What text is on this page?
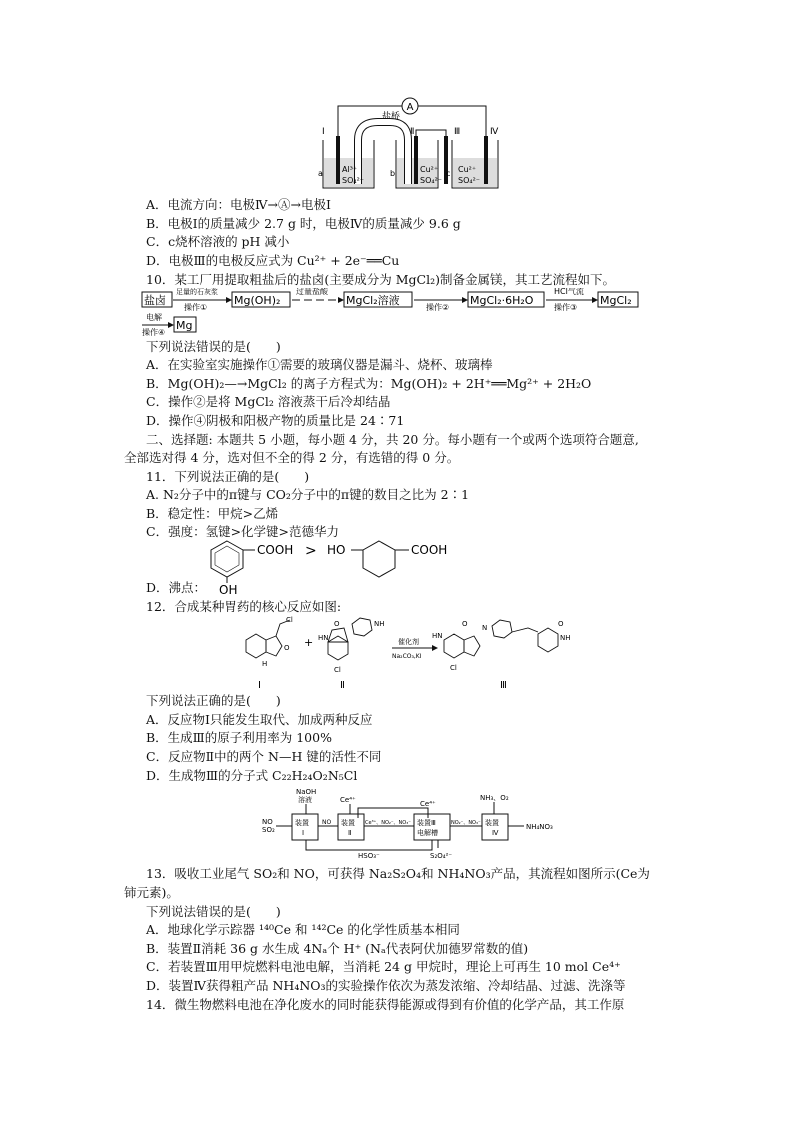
A
盐桥
Ⅰ	Ⅱ	Ⅲ	Ⅳ
a	b	c
Al³⁺
SO₄²⁻
Cu²⁺
SO₄²⁻
Cu²⁺
SO₄²⁻
A．电流方向：电极Ⅳ→Ⓐ→电极Ⅰ
B．电极Ⅰ的质量减少 2.7 g 时，电极Ⅳ的质量减少 9.6 g
C．c烧杯溶液的 pH 减小
D．电极Ⅲ的电极反应式为 Cu²⁺ + 2e⁻══Cu
10．某工厂用提取粗盐后的盐卤(主要成分为 MgCl₂)制备金属镁，其工艺流程如下。
盐卤
足量的石灰浆
操作①
Mg(OH)₂
过量盐酸
MgCl₂溶液
操作②
MgCl₂·6H₂O
HCl气流
操作③
MgCl₂
电解
操作④
Mg
下列说法错误的是(　　)
A．在实验室实施操作①需要的玻璃仪器是漏斗、烧杯、玻璃棒
B．Mg(OH)₂—→MgCl₂ 的离子方程式为：Mg(OH)₂ + 2H⁺══Mg²⁺ + 2H₂O
C．操作②是将 MgCl₂ 溶液蒸干后冷却结晶
D．操作④阴极和阳极产物的质量比是 24∶71
二、选择题: 本题共 5 小题，每小题 4 分，共 20 分。每小题有一个或两个选项符合题意,
全部选对得 4 分，选对但不全的得 2 分，有选错的得 0 分。
11．下列说法正确的是(　　)
A. N₂分子中的π键与 CO₂分子中的π键的数目之比为 2∶1
B．稳定性：甲烷>乙烯
C．强度：氢键>化学键>范德华力
COOH
OH
> HO	COOH
D．沸点：
12．合成某种胃药的核心反应如图:
Cl
O
H
+
O
HN
NH
Cl
催化剂
Na₂CO₃,KI
HN
O N
Cl
O
NH
Ⅰ	Ⅱ	Ⅲ
下列说法正确的是(　　)
A．反应物Ⅰ只能发生取代、加成两种反应
B．生成Ⅲ的原子利用率为 100%
C．反应物Ⅱ中的两个 N—H 键的活性不同
D．生成物Ⅲ的分子式 C₂₂H₂₄O₂N₅Cl
NaOH
溶液	Ce⁴⁺	Ce⁴⁺
NH₃、O₂
NO
SO₂
装置
Ⅰ
NO 装置
Ⅱ
Ce³⁺、NO₂⁻、NO₃⁻ 装置Ⅲ
电解槽
NO₂⁻、NO₃⁻ 装置
Ⅳ
NH₄NO₃
HSO₃⁻	S₂O₄²⁻
13．吸收工业尾气 SO₂和 NO，可获得 Na₂S₂O₄和 NH₄NO₃产品，其流程如图所示(Ce为
铈元素)。
下列说法错误的是(　　)
A．地球化学示踪器 ¹⁴⁰Ce 和 ¹⁴²Ce 的化学性质基本相同
B．装置Ⅱ消耗 36 g 水生成 4Nₐ个 H⁺ (Nₐ代表阿伏加德罗常数的值)
C．若装置Ⅲ用甲烷燃料电池电解，当消耗 24 g 甲烷时，理论上可再生 10 mol Ce⁴⁺
D．装置Ⅳ获得粗产品 NH₄NO₃的实验操作依次为蒸发浓缩、冷却结晶、过滤、洗涤等
14．微生物燃料电池在净化废水的同时能获得能源或得到有价值的化学产品，其工作原
